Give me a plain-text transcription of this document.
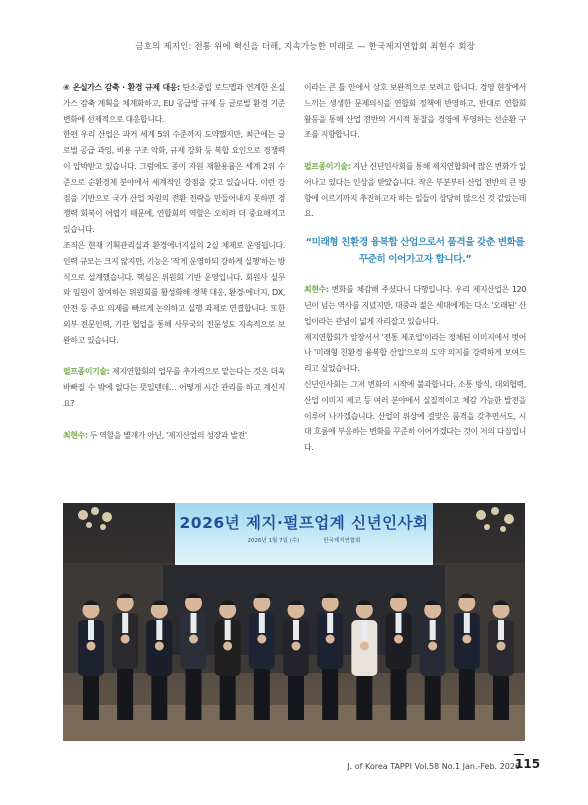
금호의 제지인: 전통 위에 혁신을 더해, 지속가능한 미래로 — 한국제지연합회 최현수 회장

④ 온실가스 감축 · 환경 규제 대응: 탄소중립 로드맵과 연계한 온실가스 감축 계획을 체계화하고, EU 공급망 규제 등 글로벌 환경 기준 변화에 선제적으로 대응합니다.

한편 우리 산업은 과거 세계 5위 수준까지 도약했지만, 최근에는 글로벌 공급 과잉, 비용 구조 악화, 규제 강화 등 복합 요인으로 경쟁력이 압박받고 있습니다. 그럼에도 종이 자원 재활용률은 세계 2위 수준으로 순환경제 분야에서 세계적인 강점을 갖고 있습니다. 이런 강점을 기반으로 국가 산업 차원의 전환 전략을 만들어내지 못하면 경쟁력 회복이 어렵기 때문에, 연합회의 역할은 오히려 더 중요해지고 있습니다.

조직은 현재 기획관리실과 환경에너지실의 2실 체제로 운영됩니다. 인력 규모는 크지 않지만, 기능은 '작게 운영하되 강하게 실행'하는 방식으로 설계했습니다. 핵심은 위원회 기반 운영입니다. 회원사 실무와 임원이 참여하는 위원회를 활성화해 정책 대응, 환경·에너지, DX, 안전 등 주요 의제를 빠르게 논의하고 실행 과제로 연결합니다. 또한 외부 전문인력, 기관 협업을 통해 사무국의 전문성도 지속적으로 보완하고 있습니다.

펄프종이기술: 제지연합회의 업무를 추가적으로 맡는다는 것은 더욱 바빠질 수 밖에 없다는 뜻일텐데… 어떻게 시간 관리를 하고 계신지요?

최현수: 두 역할을 별개가 아닌, '제지산업의 성장과 발전'

이라는 큰 틀 안에서 상호 보완적으로 보려고 합니다. 경영 현장에서 느끼는 생생한 문제의식을 연합회 정책에 반영하고, 반대로 연합회 활동을 통해 산업 전반의 거시적 통찰을 경영에 투영하는 선순환 구조를 지향합니다.

펄프종이기술: 지난 신년인사회를 통해 제지연합회에 많은 변화가 일어나고 있다는 인상을 받았습니다. 작은 부분부터 산업 전반의 큰 방향에 이르기까지 추진하고자 하는 일들이 상당히 많으신 것 같았는데요.

“미래형 친환경 융복합 산업으로서 품격을 갖춘 변화를 꾸준히 이어가고자 합니다.”

최현수: 변화를 체감해 주셨다니 다행입니다. 우리 제지산업은 120년이 넘는 역사를 지녔지만, 대중과 젊은 세대에게는 다소 '오래된' 산업이라는 관념이 넓게 자리잡고 있습니다.

제지연합회가 앞장서서 '전통 제조업'이라는 정체된 이미지에서 벗어나 '미래형 친환경 융복합 산업'으로의 도약 의지를 강력하게 보여드리고 싶었습니다.

신년인사회는 그저 변화의 시작에 불과합니다. 소통 방식, 대외협력, 산업 이미지 제고 등 여러 분야에서 실질적이고 체감 가능한 발전을 이루어 나가겠습니다. 산업의 위상에 걸맞은 품격을 갖추면서도, 시대 흐름에 부응하는 변화를 꾸준히 이어가겠다는 것이 저의 다짐입니다.

2026년 제지·펄프업계 신년인사회
2026년 1월 7일 (수)	한국제지연합회
J. of Korea TAPPI Vol.58 No.1 Jan.-Feb. 2026
115
